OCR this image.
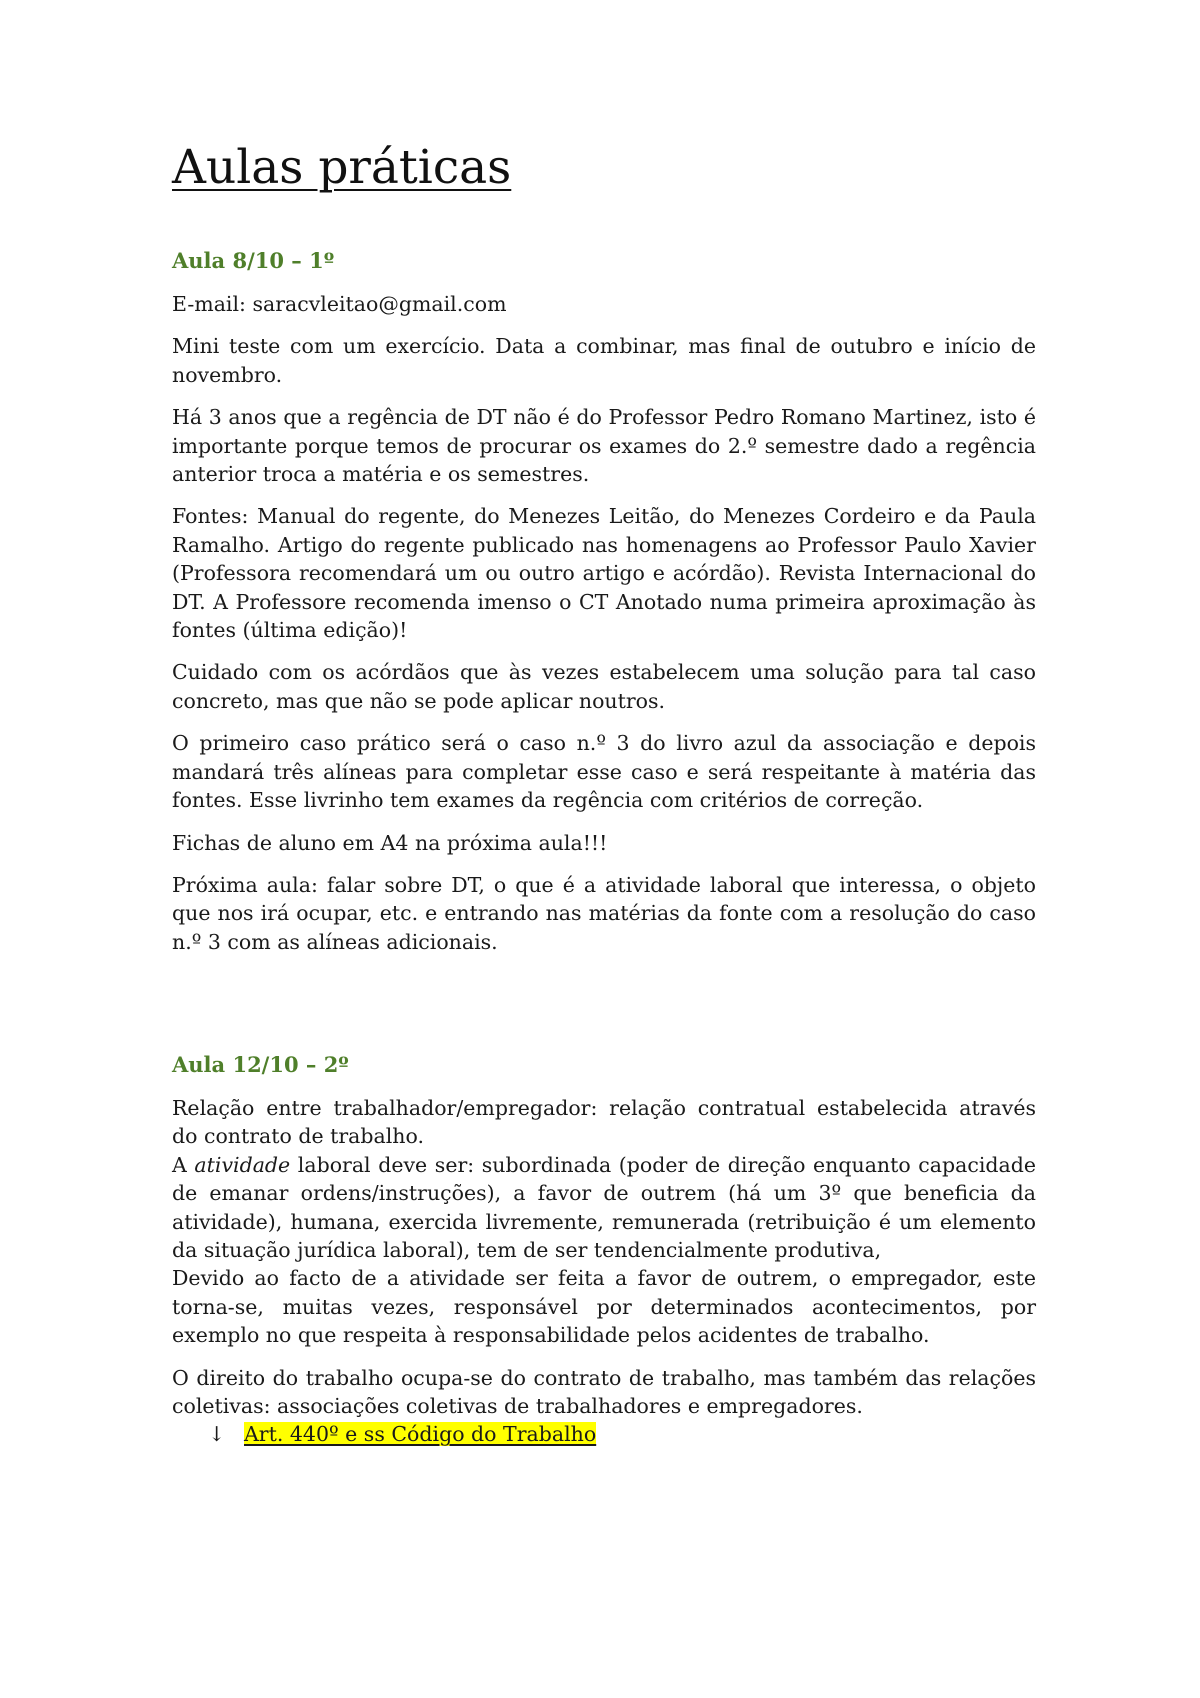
Aulas práticas
Aula 8/10 – 1º

E-mail: saracvleitao@gmail.com

Mini teste com um exercício. Data a combinar, mas final de outubro e início de novembro.

Há 3 anos que a regência de DT não é do Professor Pedro Romano Martinez, isto é importante porque temos de procurar os exames do 2.º semestre dado a regência anterior troca a matéria e os semestres.

Fontes: Manual do regente, do Menezes Leitão, do Menezes Cordeiro e da Paula Ramalho. Artigo do regente publicado nas homenagens ao Professor Paulo Xavier (Professora recomendará um ou outro artigo e acórdão). Revista Internacional do DT. A Professore recomenda imenso o CT Anotado numa primeira aproximação às fontes (última edição)!

Cuidado com os acórdãos que às vezes estabelecem uma solução para tal caso concreto, mas que não se pode aplicar noutros.

O primeiro caso prático será o caso n.º 3 do livro azul da associação e depois mandará três alíneas para completar esse caso e será respeitante à matéria das fontes. Esse livrinho tem exames da regência com critérios de correção.

Fichas de aluno em A4 na próxima aula!!!

Próxima aula: falar sobre DT, o que é a atividade laboral que interessa, o objeto que nos irá ocupar, etc. e entrando nas matérias da fonte com a resolução do caso n.º 3 com as alíneas adicionais.

Aula 12/10 – 2º

Relação entre trabalhador/empregador: relação contratual estabelecida através do contrato de trabalho.

A atividade laboral deve ser: subordinada (poder de direção enquanto capacidade de emanar ordens/instruções), a favor de outrem (há um 3º que beneficia da atividade), humana, exercida livremente, remunerada (retribuição é um elemento da situação jurídica laboral), tem de ser tendencialmente produtiva,

Devido ao facto de a atividade ser feita a favor de outrem, o empregador, este torna-se, muitas vezes, responsável por determinados acontecimentos, por exemplo no que respeita à responsabilidade pelos acidentes de trabalho.

O direito do trabalho ocupa-se do contrato de trabalho, mas também das relações coletivas: associações coletivas de trabalhadores e empregadores.

↓ Art. 440º e ss Código do Trabalho
